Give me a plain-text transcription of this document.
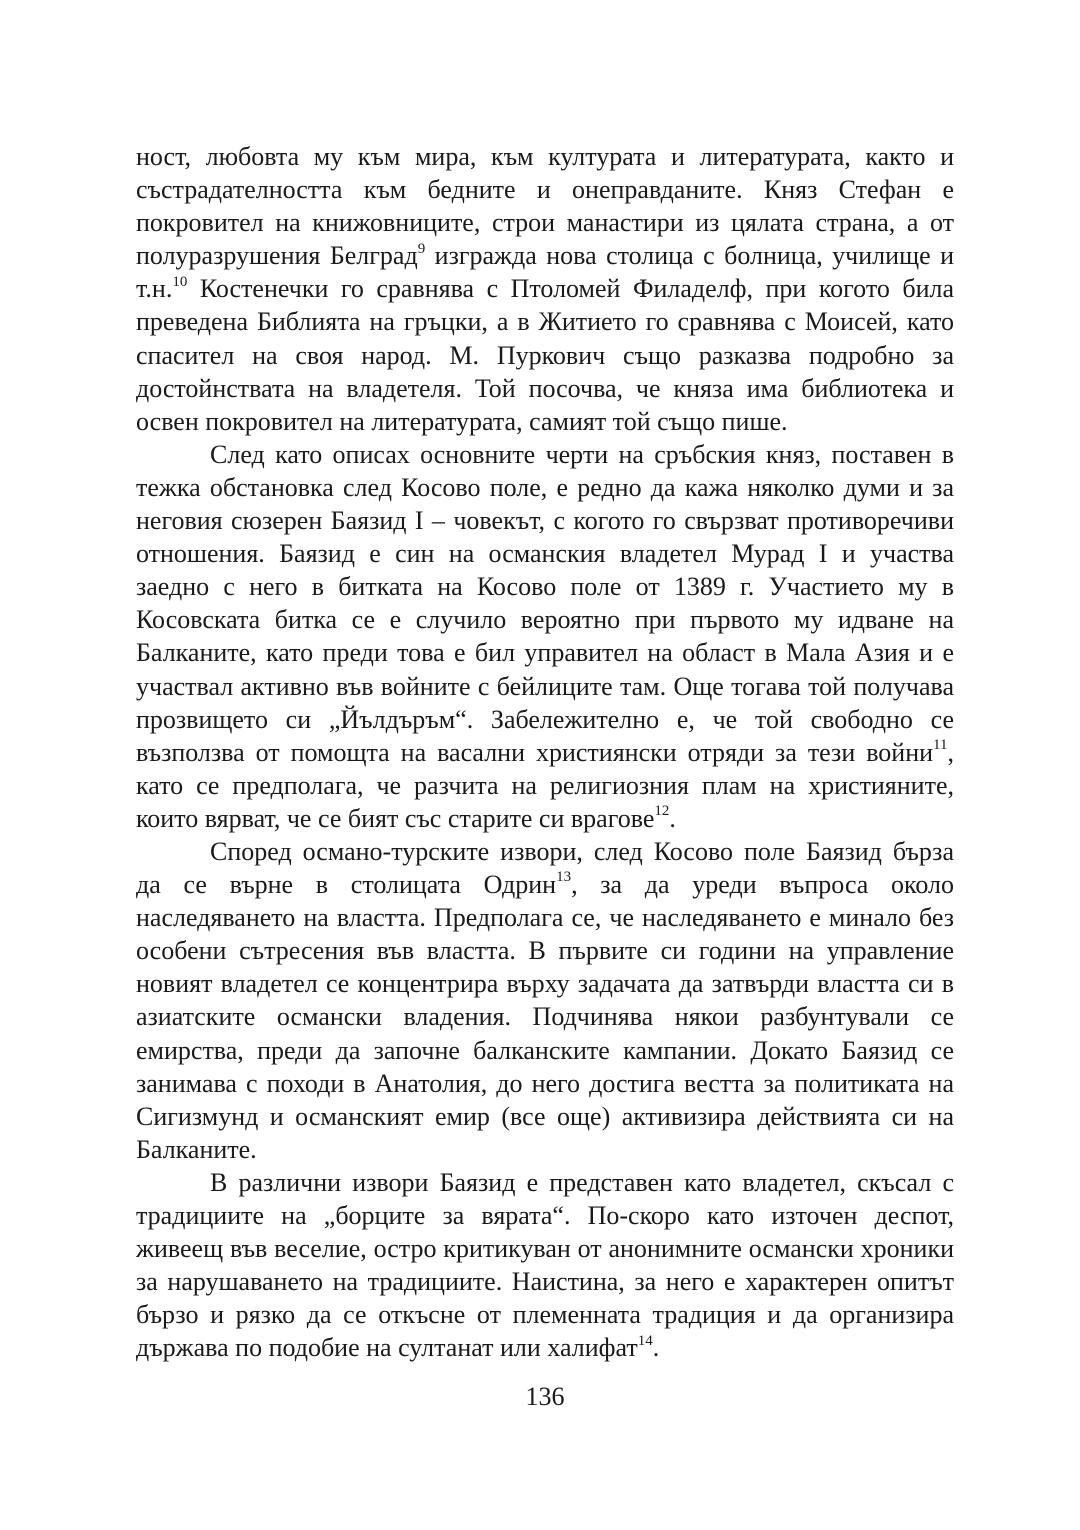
ност, любовта му към мира, към културата и литературата, както и състрадателността към бедните и онеправданите. Княз Стефан е покровител на книжовниците, строи манастири из цялата страна, а от полуразрушения Белград$^9$ изгражда нова столица с болница, училище и т.н.$^{10}$ Костенечки го сравнява с Птоломей Филаделф, при когото била преведена Библията на гръцки, а в Житието го сравнява с Моисей, като спасител на своя народ. М. Пуркович също разказва подробно за достойнствата на владетеля. Той посочва, че княза има библиотека и освен покровител на литературата, самият той също пише.

След като описах основните черти на сръбския княз, поставен в тежка обстановка след Косово поле, е редно да кажа няколко думи и за неговия сюзерен Баязид I – човекът, с когото го свързват противоречиви отношения. Баязид е син на османския владетел Мурад I и участва заедно с него в битката на Косово поле от 1389 г. Участието му в Косовската битка се е случило вероятно при първото му идване на Балканите, като преди това е бил управител на област в Мала Азия и е участвал активно във войните с бейлиците там. Още тогава той получава прозвището си „Йълдъръм“. Забележително е, че той свободно се възползва от помощта на васални християнски отряди за тези войни$^{11}$, като се предполага, че разчита на религиозния плам на християните, които вярват, че се бият със старите си врагове$^{12}$.

Според османо-турските извори, след Косово поле Баязид бърза да се върне в столицата Одрин$^{13}$, за да уреди въпроса около наследяването на властта. Предполага се, че наследяването е минало без особени сътресения във властта. В първите си години на управление новият владетел се концентрира върху задачата да затвърди властта си в азиатските османски владения. Подчинява някои разбунтували се емирства, преди да започне балканските кампании. Докато Баязид се занимава с походи в Анатолия, до него достига вестта за политиката на Сигизмунд и османският емир (все още) активизира действията си на Балканите.

В различни извори Баязид е представен като владетел, скъсал с традициите на „борците за вярата“. По-скоро като източен деспот, живеещ във веселие, остро критикуван от анонимните османски хроники за нарушаването на традициите. Наистина, за него е характерен опитът бързо и рязко да се откъсне от племенната традиция и да организира държава по подобие на султанат или халифат$^{14}$.

136
